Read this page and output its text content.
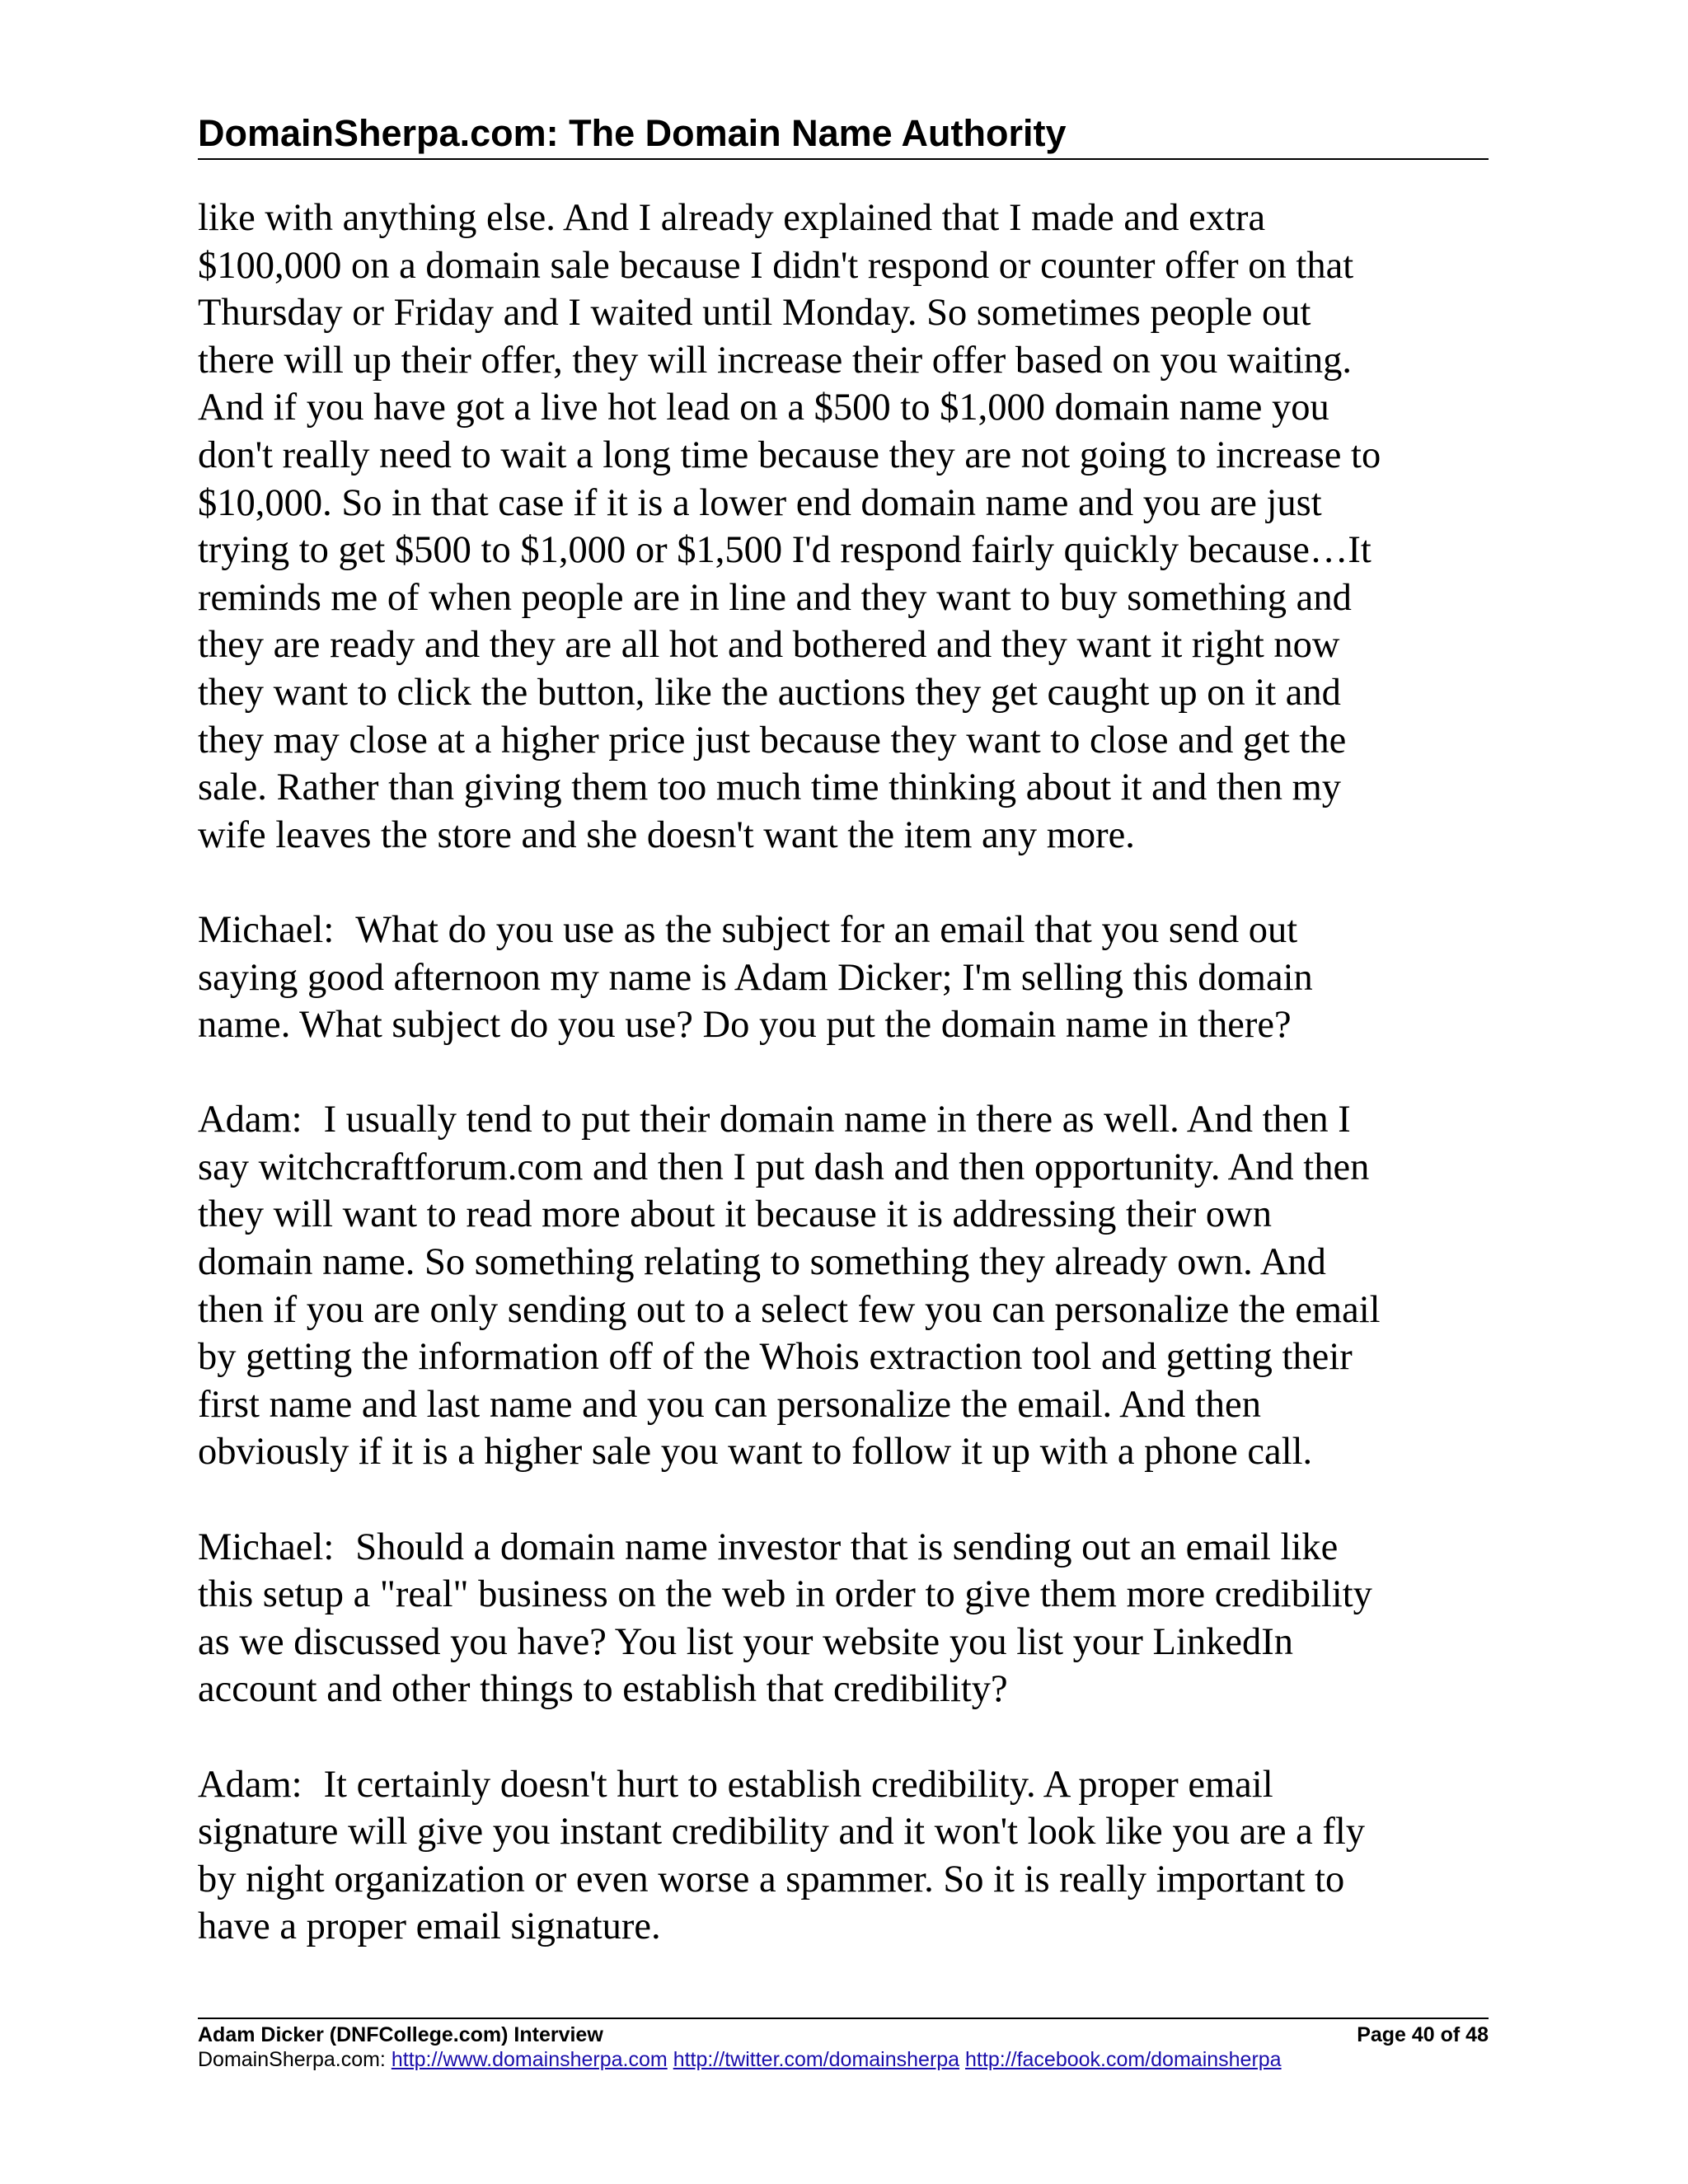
DomainSherpa.com: The Domain Name Authority
like with anything else. And I already explained that I made and extra
$100,000 on a domain sale because I didn't respond or counter offer on that
Thursday or Friday and I waited until Monday. So sometimes people out
there will up their offer, they will increase their offer based on you waiting.
And if you have got a live hot lead on a $500 to $1,000 domain name you
don't really need to wait a long time because they are not going to increase to
$10,000. So in that case if it is a lower end domain name and you are just
trying to get $500 to $1,000 or $1,500 I'd respond fairly quickly because…It
reminds me of when people are in line and they want to buy something and
they are ready and they are all hot and bothered and they want it right now
they want to click the button, like the auctions they get caught up on it and
they may close at a higher price just because they want to close and get the
sale. Rather than giving them too much time thinking about it and then my
wife leaves the store and she doesn't want the item any more.
Michael: What do you use as the subject for an email that you send out
saying good afternoon my name is Adam Dicker; I'm selling this domain
name. What subject do you use? Do you put the domain name in there?
Adam: I usually tend to put their domain name in there as well. And then I
say witchcraftforum.com and then I put dash and then opportunity. And then
they will want to read more about it because it is addressing their own
domain name. So something relating to something they already own. And
then if you are only sending out to a select few you can personalize the email
by getting the information off of the Whois extraction tool and getting their
first name and last name and you can personalize the email. And then
obviously if it is a higher sale you want to follow it up with a phone call.
Michael: Should a domain name investor that is sending out an email like
this setup a "real" business on the web in order to give them more credibility
as we discussed you have? You list your website you list your LinkedIn
account and other things to establish that credibility?
Adam: It certainly doesn't hurt to establish credibility. A proper email
signature will give you instant credibility and it won't look like you are a fly
by night organization or even worse a spammer. So it is really important to
have a proper email signature.
Adam Dicker (DNFCollege.com) Interview	Page 40 of 48
DomainSherpa.com: http://www.domainsherpa.com http://twitter.com/domainsherpa http://facebook.com/domainsherpa
